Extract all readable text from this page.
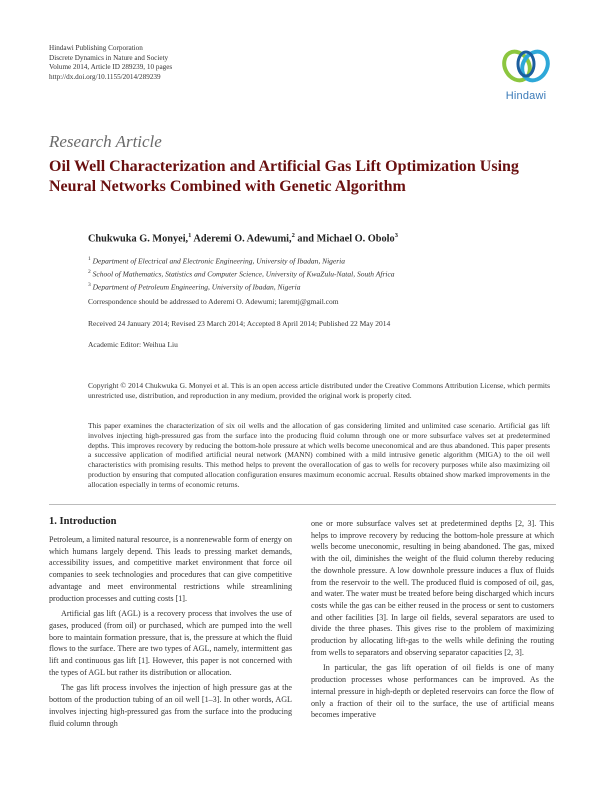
Hindawi Publishing Corporation
Discrete Dynamics in Nature and Society
Volume 2014, Article ID 289239, 10 pages
http://dx.doi.org/10.1155/2014/289239
Hindawi
Research Article
Oil Well Characterization and Artificial Gas Lift Optimization Using Neural Networks Combined with Genetic Algorithm
Chukwuka G. Monyei,$^1$ Aderemi O. Adewumi,$^2$ and Michael O. Obolo$^3$
$^1$ Department of Electrical and Electronic Engineering, University of Ibadan, Nigeria
$^2$ School of Mathematics, Statistics and Computer Science, University of KwaZulu-Natal, South Africa
$^3$ Department of Petroleum Engineering, University of Ibadan, Nigeria
Correspondence should be addressed to Aderemi O. Adewumi; laremtj@gmail.com
Received 24 January 2014; Revised 23 March 2014; Accepted 8 April 2014; Published 22 May 2014
Academic Editor: Weihua Liu
Copyright © 2014 Chukwuka G. Monyei et al. This is an open access article distributed under the Creative Commons Attribution License, which permits unrestricted use, distribution, and reproduction in any medium, provided the original work is properly cited.
This paper examines the characterization of six oil wells and the allocation of gas considering limited and unlimited case scenario. Artificial gas lift involves injecting high-pressured gas from the surface into the producing fluid column through one or more subsurface valves set at predetermined depths. This improves recovery by reducing the bottom-hole pressure at which wells become uneconomical and are thus abandoned. This paper presents a successive application of modified artificial neural network (MANN) combined with a mild intrusive genetic algorithm (MIGA) to the oil well characteristics with promising results. This method helps to prevent the overallocation of gas to wells for recovery purposes while also maximizing oil production by ensuring that computed allocation configuration ensures maximum economic accrual. Results obtained show marked improvements in the allocation especially in terms of economic returns.
1. Introduction

Petroleum, a limited natural resource, is a nonrenewable form of energy on which humans largely depend. This leads to pressing market demands, accessibility issues, and competitive market environment that force oil companies to seek technologies and procedures that can give competitive advantage and meet environmental restrictions while streamlining production processes and cutting costs [1].

Artificial gas lift (AGL) is a recovery process that involves the use of gases, produced (from oil) or purchased, which are pumped into the well bore to maintain formation pressure, that is, the pressure at which the fluid flows to the surface. There are two types of AGL, namely, intermittent gas lift and continuous gas lift [1]. However, this paper is not concerned with the types of AGL but rather its distribution or allocation.

The gas lift process involves the injection of high pressure gas at the bottom of the production tubing of an oil well [1–3]. In other words, AGL involves injecting high-pressured gas from the surface into the producing fluid column through

one or more subsurface valves set at predetermined depths [2, 3]. This helps to improve recovery by reducing the bottom-hole pressure at which wells become uneconomic, resulting in being abandoned. The gas, mixed with the oil, diminishes the weight of the fluid column thereby reducing the downhole pressure. A low downhole pressure induces a flux of fluids from the reservoir to the well. The produced fluid is composed of oil, gas, and water. The water must be treated before being discharged which incurs costs while the gas can be either reused in the process or sent to customers and other facilities [3]. In large oil fields, several separators are used to divide the three phases. This gives rise to the problem of maximizing production by allocating lift-gas to the wells while defining the routing from wells to separators and observing separator capacities [2, 3].

In particular, the gas lift operation of oil fields is one of many production processes whose performances can be improved. As the internal pressure in high-depth or depleted reservoirs can force the flow of only a fraction of their oil to the surface, the use of artificial means becomes imperative
